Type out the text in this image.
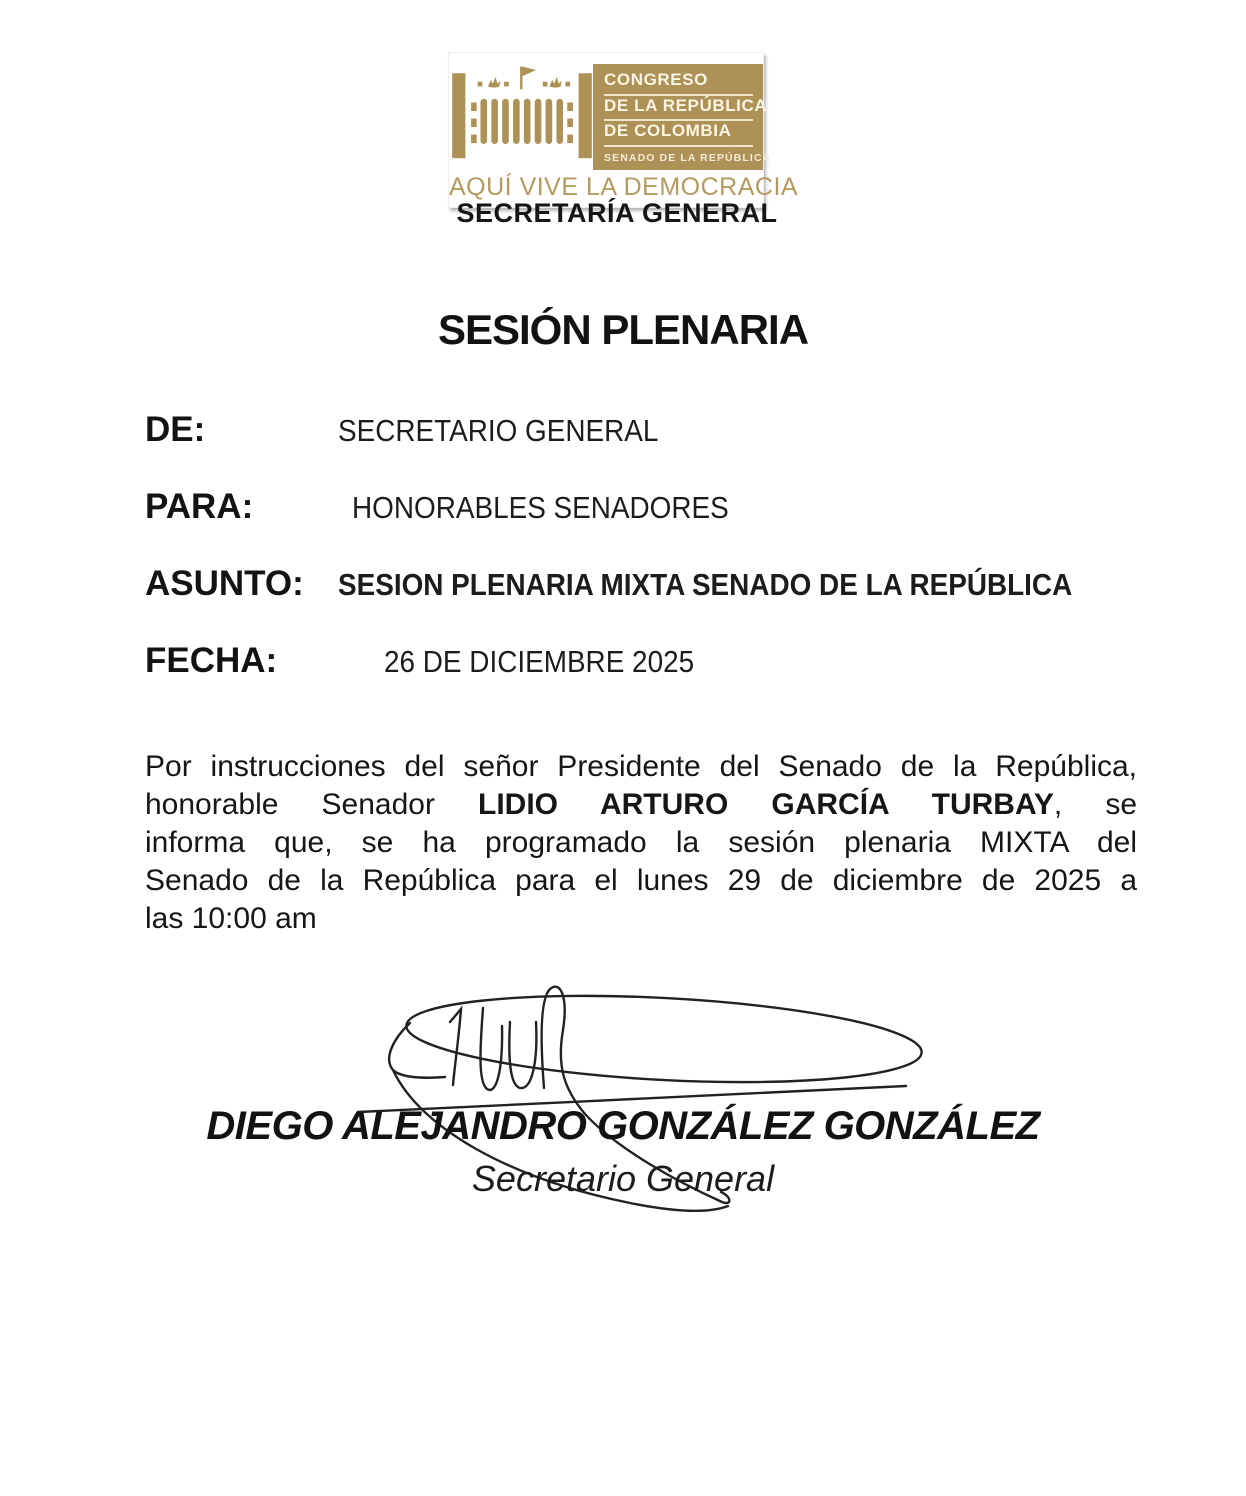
CONGRESO
DE LA REPÚBLICA
DE COLOMBIA
SENADO DE LA REPÚBLICA
AQUÍ VIVE LA DEMOCRACIA
SECRETARÍA GENERAL
SESIÓN PLENARIA
DE:	SECRETARIO GENERAL
PARA:	HONORABLES SENADORES
ASUNTO:	SESION PLENARIA MIXTA SENADO DE LA REPÚBLICA
FECHA:	26 DE DICIEMBRE 2025
Por instrucciones del señor Presidente del Senado de la República,
honorable Senador LIDIO ARTURO GARCÍA TURBAY, se
informa que, se ha programado la sesión plenaria MIXTA del
Senado de la República para el lunes 29 de diciembre de 2025 a
las 10:00 am
DIEGO ALEJANDRO GONZÁLEZ GONZÁLEZ
Secretario General
